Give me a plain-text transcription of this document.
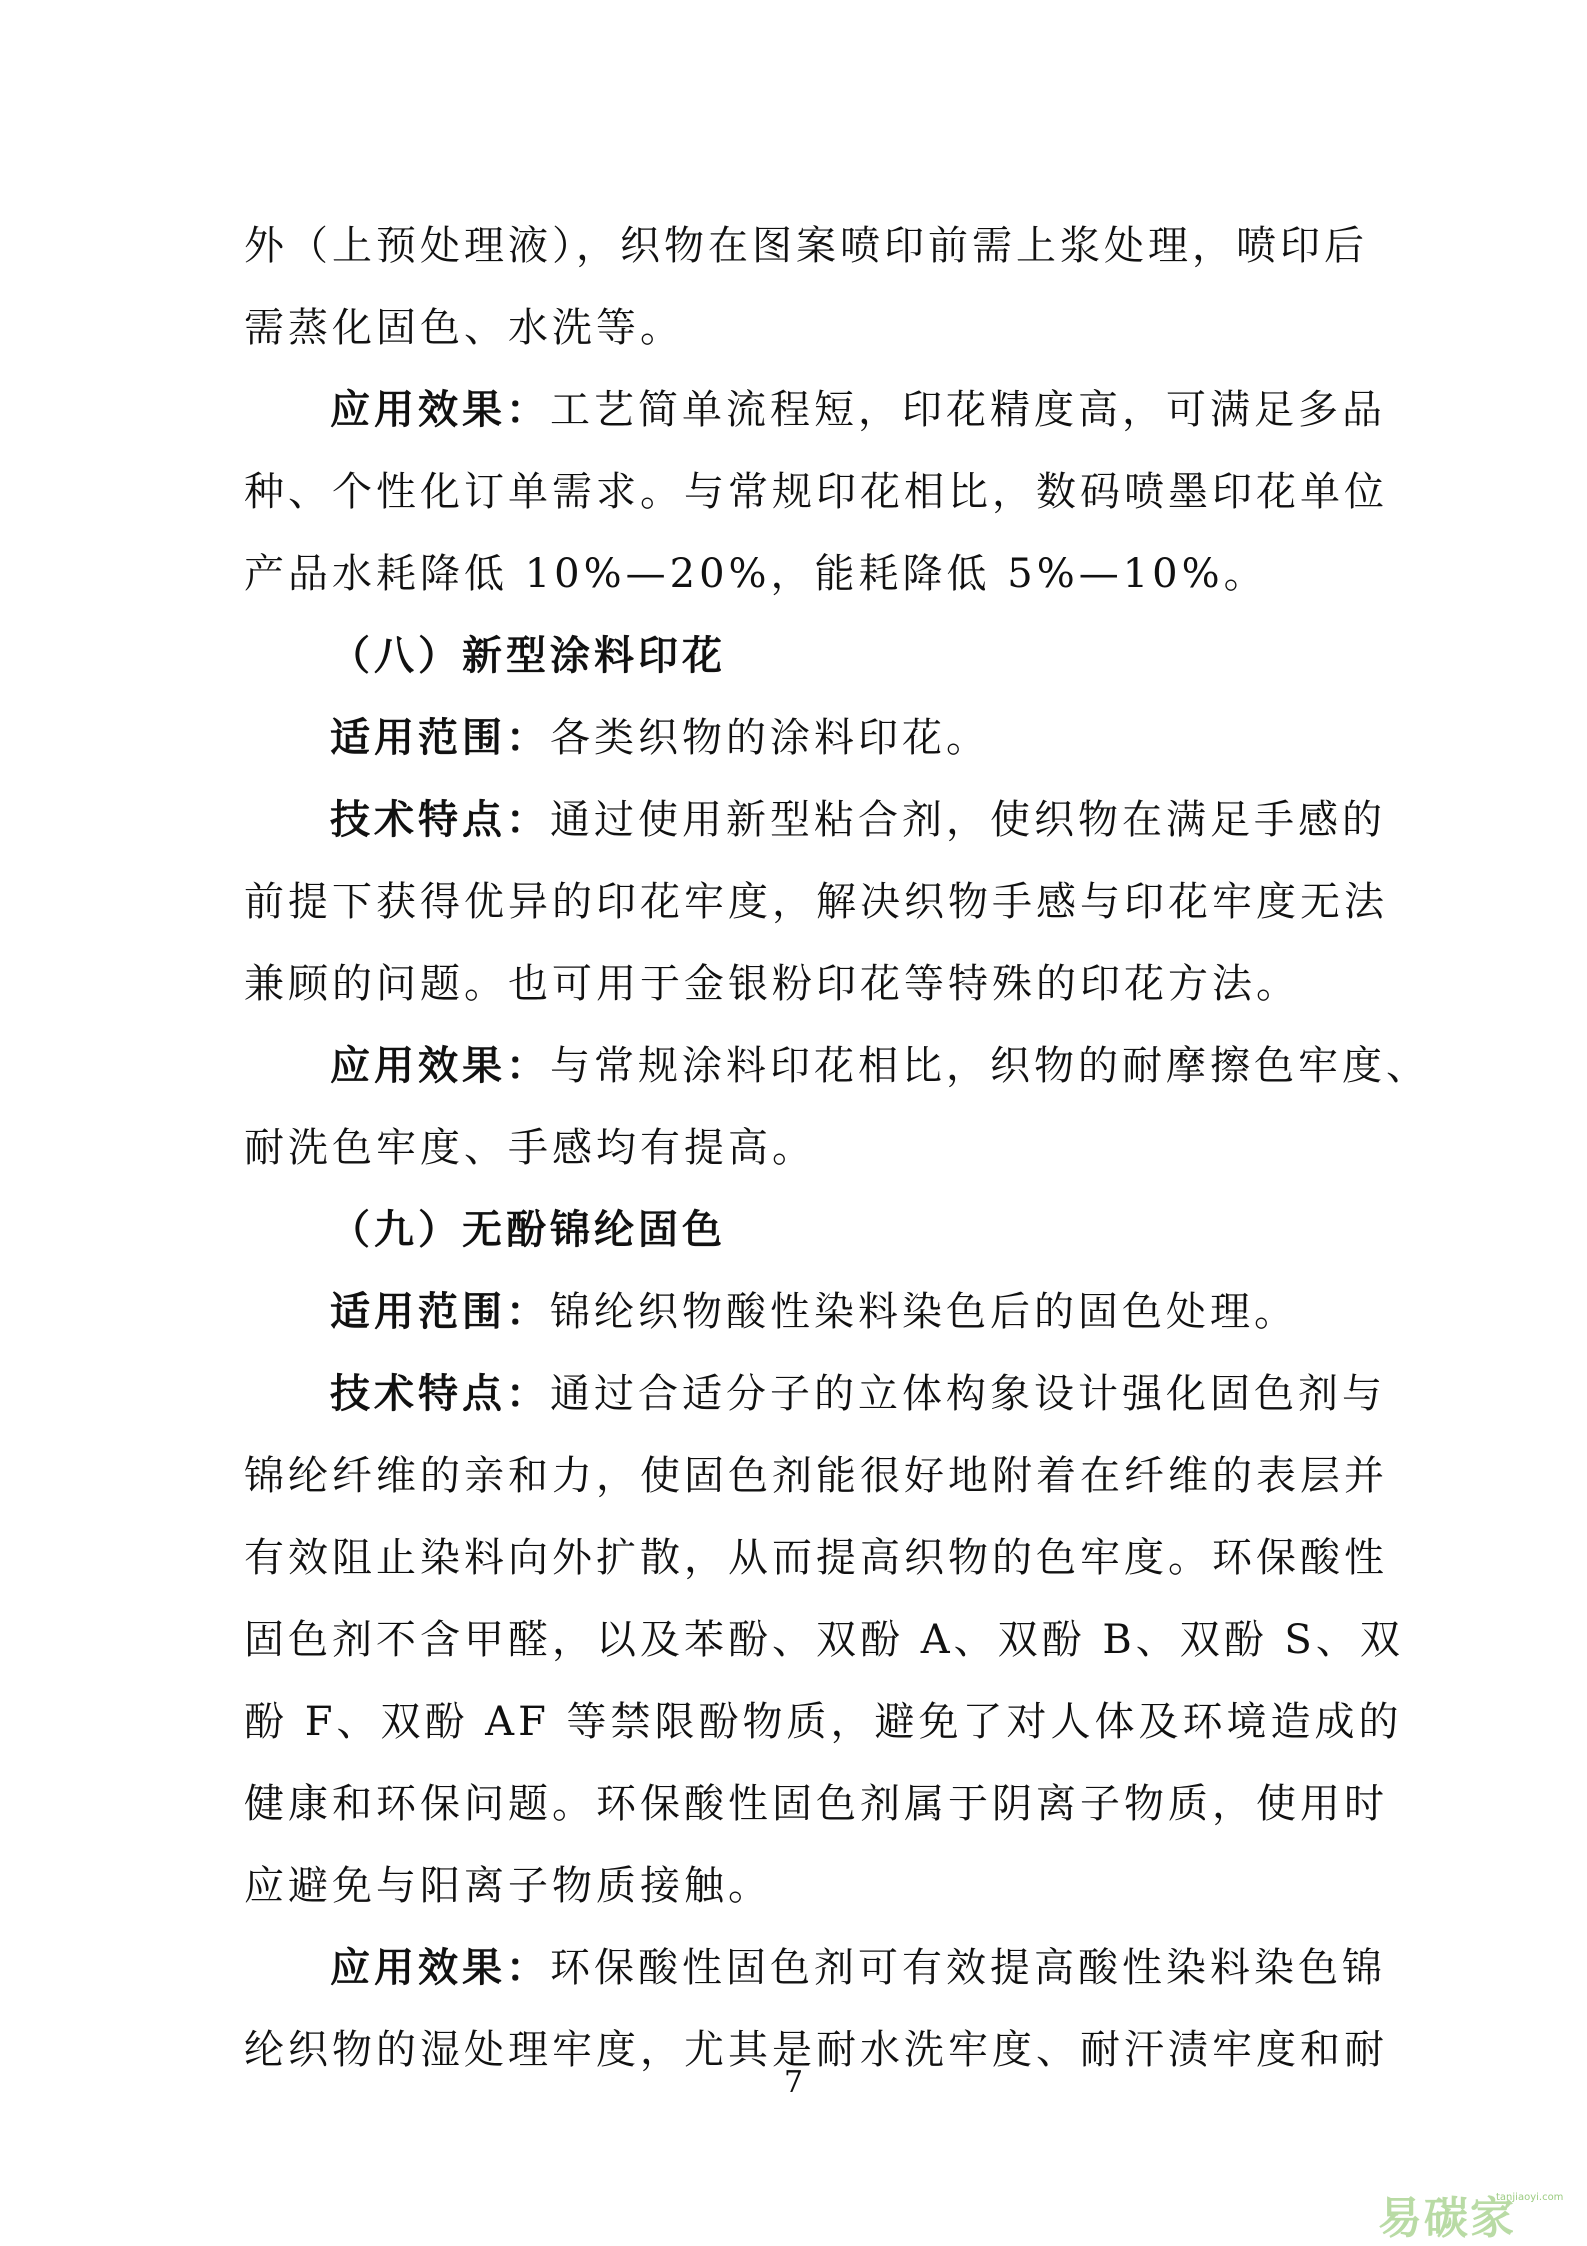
外（上预处理液），织物在图案喷印前需上浆处理，喷印后
需蒸化固色、水洗等。
应用效果：工艺简单流程短，印花精度高，可满足多品
种、个性化订单需求。与常规印花相比，数码喷墨印花单位
产品水耗降低 10%—20%，能耗降低 5%—10%。
（八）新型涂料印花
适用范围：各类织物的涂料印花。
技术特点：通过使用新型粘合剂，使织物在满足手感的
前提下获得优异的印花牢度，解决织物手感与印花牢度无法
兼顾的问题。也可用于金银粉印花等特殊的印花方法。
应用效果：与常规涂料印花相比，织物的耐摩擦色牢度、
耐洗色牢度、手感均有提高。
（九）无酚锦纶固色
适用范围：锦纶织物酸性染料染色后的固色处理。
技术特点：通过合适分子的立体构象设计强化固色剂与
锦纶纤维的亲和力，使固色剂能很好地附着在纤维的表层并
有效阻止染料向外扩散，从而提高织物的色牢度。环保酸性
固色剂不含甲醛，以及苯酚、双酚 A、双酚 B、双酚 S、双
酚 F、双酚 AF 等禁限酚物质，避免了对人体及环境造成的
健康和环保问题。环保酸性固色剂属于阴离子物质，使用时
应避免与阳离子物质接触。
应用效果：环保酸性固色剂可有效提高酸性染料染色锦
纶织物的湿处理牢度，尤其是耐水洗牢度、耐汗渍牢度和耐
7
易碳家
tanjiaoyi.com
